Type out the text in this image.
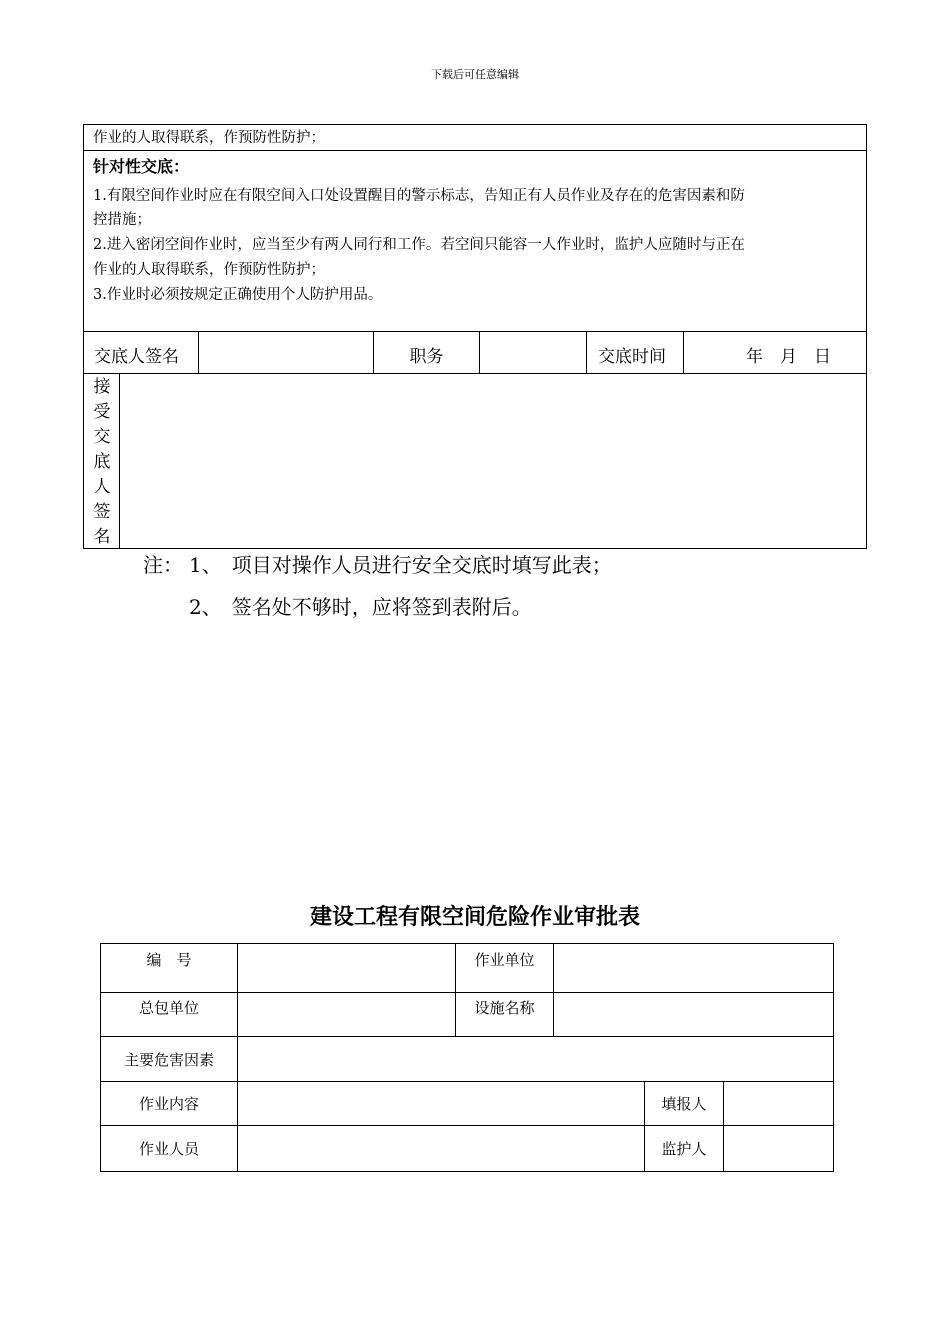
下载后可任意编辑
作业的人取得联系，作预防性防护；
针对性交底：
1.有限空间作业时应在有限空间入口处设置醒目的警示标志，告知正有人员作业及存在的危害因素和防
控措施；
2.进入密闭空间作业时，应当至少有两人同行和工作。若空间只能容一人作业时，监护人应随时与正在
作业的人取得联系，作预防性防护；
3.作业时必须按规定正确使用个人防护用品。
交底人签名	职务	交底时间	年　月　日
接
受
交
底
人
签
名
注： 1、　项目对操作人员进行安全交底时填写此表；
2、　签名处不够时，应将签到表附后。
建设工程有限空间危险作业审批表
编　号	作业单位
总包单位	设施名称
主要危害因素
作业内容	填报人
作业人员	监护人
